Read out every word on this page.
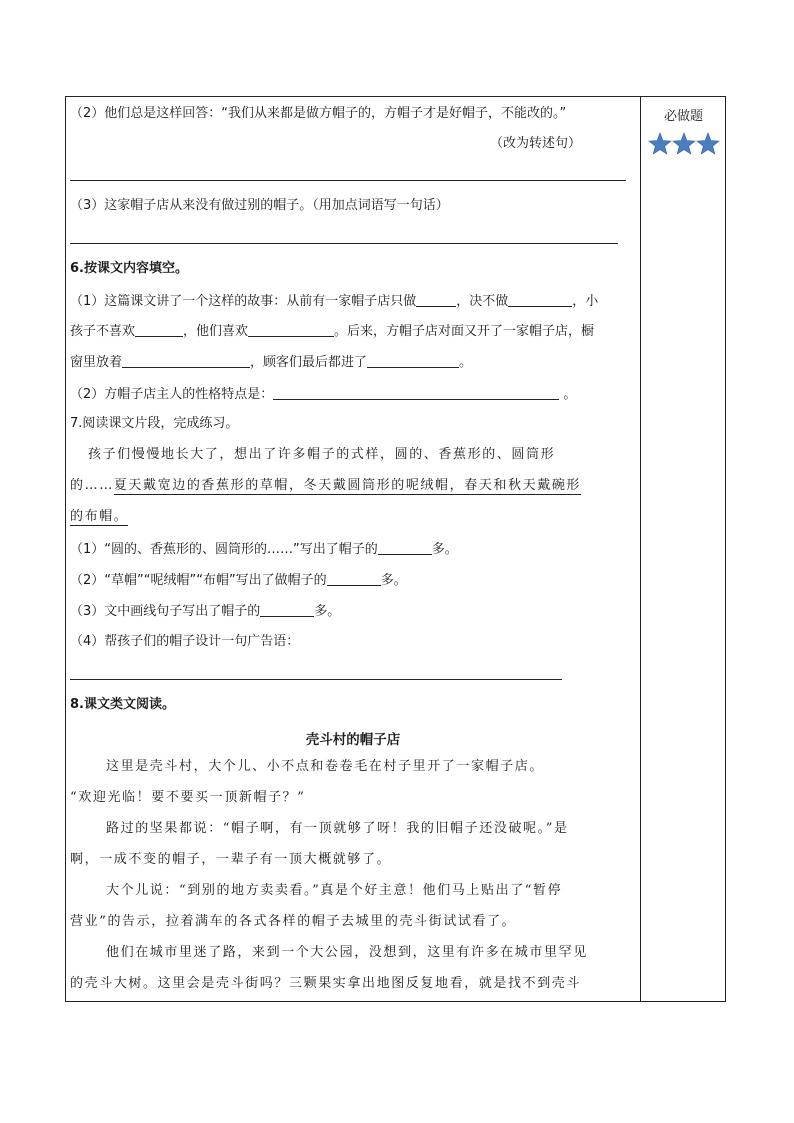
必做题
（2）他们总是这样回答：“我们从来都是做方帽子的，方帽子才是好帽子，不能改的。”
（改为转述句）
（3）这家帽子店从来没有做过别的帽子。（用加点词语写一句话）
6.按课文内容填空。
（1）这篇课文讲了一个这样的故事：从前有一家帽子店只做	，决不做	，小
孩子不喜欢	，他们喜欢	。后来，方帽子店对面又开了一家帽子店，橱
窗里放着	，顾客们最后都进了	。
（2）方帽子店主人的性格特点是：	。
7.阅读课文片段，完成练习。
孩子们慢慢地长大了，想出了许多帽子的式样，圆的、香蕉形的、圆筒形
的……夏天戴宽边的香蕉形的草帽，冬天戴圆筒形的呢绒帽，春天和秋天戴碗形
的布帽。
（1）“圆的、香蕉形的、圆筒形的……”写出了帽子的	多。
（2）“草帽”“呢绒帽”“布帽”写出了做帽子的	多。
（3）文中画线句子写出了帽子的	多。
（4）帮孩子们的帽子设计一句广告语：
8.课文类文阅读。
壳斗村的帽子店
这里是壳斗村，大个儿、小不点和卷卷毛在村子里开了一家帽子店。
“欢迎光临！要不要买一顶新帽子？”
路过的坚果都说：“帽子啊，有一顶就够了呀！我的旧帽子还没破呢。”是
啊，一成不变的帽子，一辈子有一顶大概就够了。
大个儿说：“到别的地方卖卖看。”真是个好主意！他们马上贴出了“暂停
营业”的告示，拉着满车的各式各样的帽子去城里的壳斗街试试看了。
他们在城市里迷了路，来到一个大公园，没想到，这里有许多在城市里罕见
的壳斗大树。这里会是壳斗街吗？三颗果实拿出地图反复地看，就是找不到壳斗
